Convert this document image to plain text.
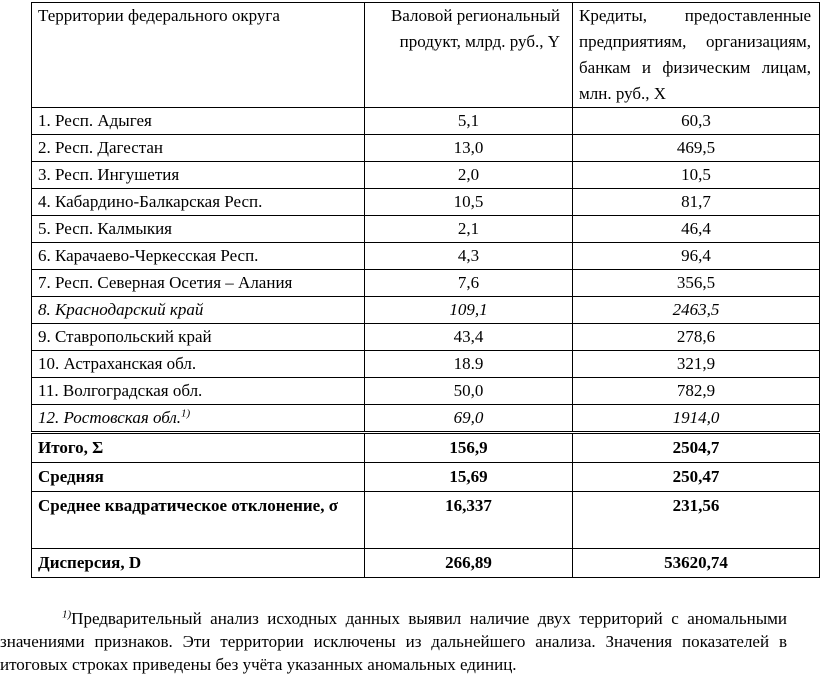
Территории федерального округа	Валовой региональный продукт, млрд. руб., Y	Кредиты, предоставленные предприятиям, организациям, банкам и физическим лицам, млн. руб., X
1. Респ. Адыгея	5,1	60,3
2. Респ. Дагестан	13,0	469,5
3. Респ. Ингушетия	2,0	10,5
4. Кабардино-Балкарская Респ.	10,5	81,7
5. Респ. Калмыкия	2,1	46,4
6. Карачаево-Черкесская Респ.	4,3	96,4
7. Респ. Северная Осетия – Алания	7,6	356,5
8. Краснодарский край	109,1	2463,5
9. Ставропольский край	43,4	278,6
10. Астраханская обл.	18.9	321,9
11. Волгоградская обл.	50,0	782,9
12. Ростовская обл.$^{1)}$	69,0	1914,0
Итого, Σ	156,9	2504,7
Средняя	15,69	250,47
Среднее квадратическое отклонение, σ	16,337	231,56
Дисперсия, D	266,89	53620,74

$^{1)}$Предварительный анализ исходных данных выявил наличие двух территорий с аномальными значениями признаков. Эти территории исключены из дальнейшего анализа. Значения показателей в итоговых строках приведены без учёта указанных аномальных единиц.
